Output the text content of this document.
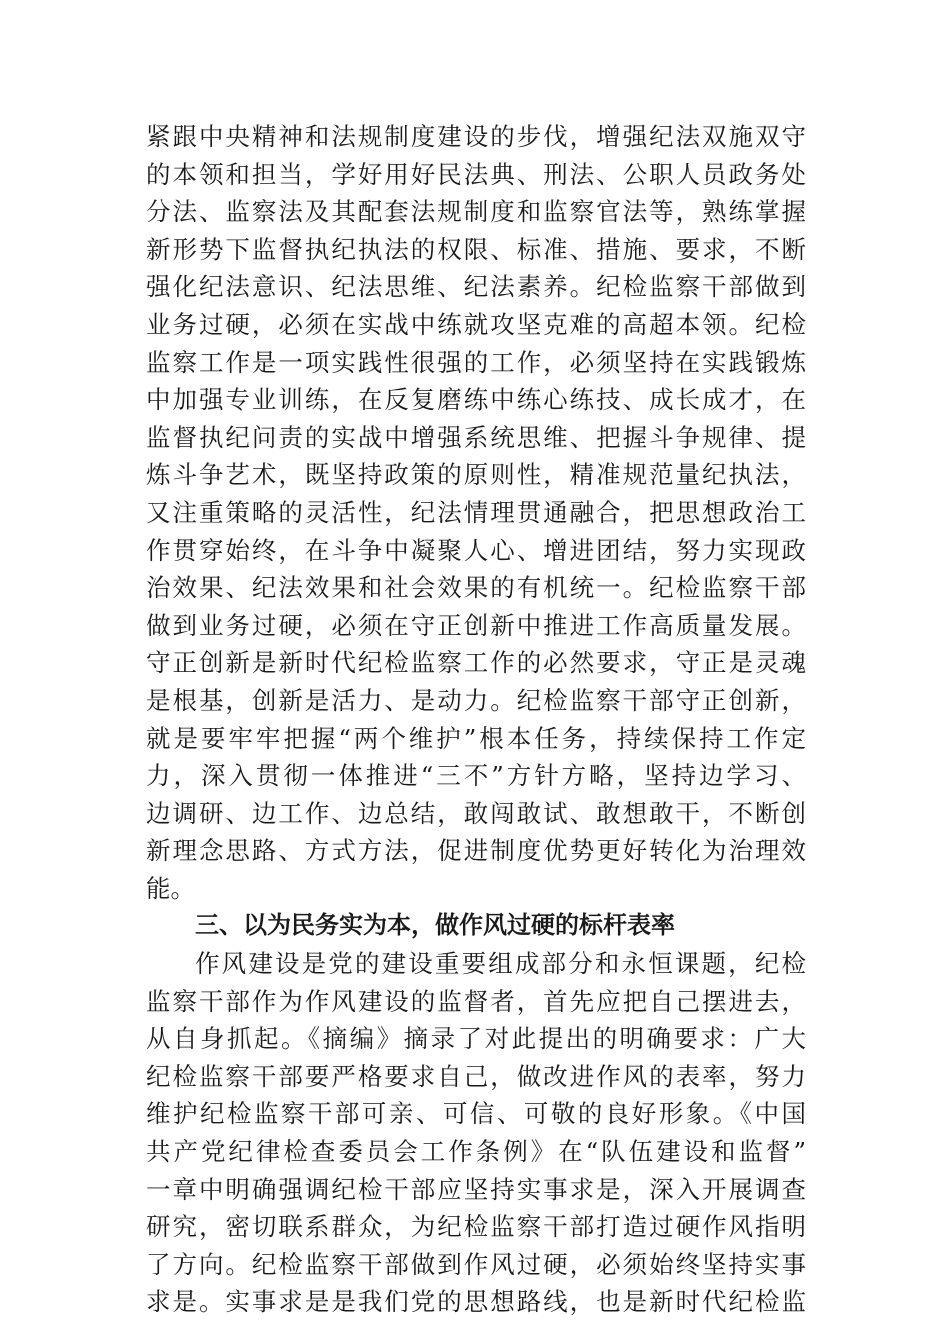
紧跟中央精神和法规制度建设的步伐，增强纪法双施双守
的本领和担当，学好用好民法典、刑法、公职人员政务处
分法、监察法及其配套法规制度和监察官法等，熟练掌握
新形势下监督执纪执法的权限、标准、措施、要求，不断
强化纪法意识、纪法思维、纪法素养。纪检监察干部做到
业务过硬，必须在实战中练就攻坚克难的高超本领。纪检
监察工作是一项实践性很强的工作，必须坚持在实践锻炼
中加强专业训练，在反复磨练中练心练技、成长成才，在
监督执纪问责的实战中增强系统思维、把握斗争规律、提
炼斗争艺术，既坚持政策的原则性，精准规范量纪执法，
又注重策略的灵活性，纪法情理贯通融合，把思想政治工
作贯穿始终，在斗争中凝聚人心、增进团结，努力实现政
治效果、纪法效果和社会效果的有机统一。纪检监察干部
做到业务过硬，必须在守正创新中推进工作高质量发展。
守正创新是新时代纪检监察工作的必然要求，守正是灵魂
是根基，创新是活力、是动力。纪检监察干部守正创新，
就是要牢牢把握“两个维护”根本任务，持续保持工作定
力，深入贯彻一体推进“三不”方针方略，坚持边学习、
边调研、边工作、边总结，敢闯敢试、敢想敢干，不断创
新理念思路、方式方法，促进制度优势更好转化为治理效
能。
三、以为民务实为本，做作风过硬的标杆表率
作风建设是党的建设重要组成部分和永恒课题，纪检
监察干部作为作风建设的监督者，首先应把自己摆进去，
从自身抓起。《摘编》摘录了对此提出的明确要求：广大
纪检监察干部要严格要求自己，做改进作风的表率，努力
维护纪检监察干部可亲、可信、可敬的良好形象。《中国
共产党纪律检查委员会工作条例》在“队伍建设和监督”
一章中明确强调纪检干部应坚持实事求是，深入开展调查
研究，密切联系群众，为纪检监察干部打造过硬作风指明
了方向。纪检监察干部做到作风过硬，必须始终坚持实事
求是。实事求是是我们党的思想路线，也是新时代纪检监
